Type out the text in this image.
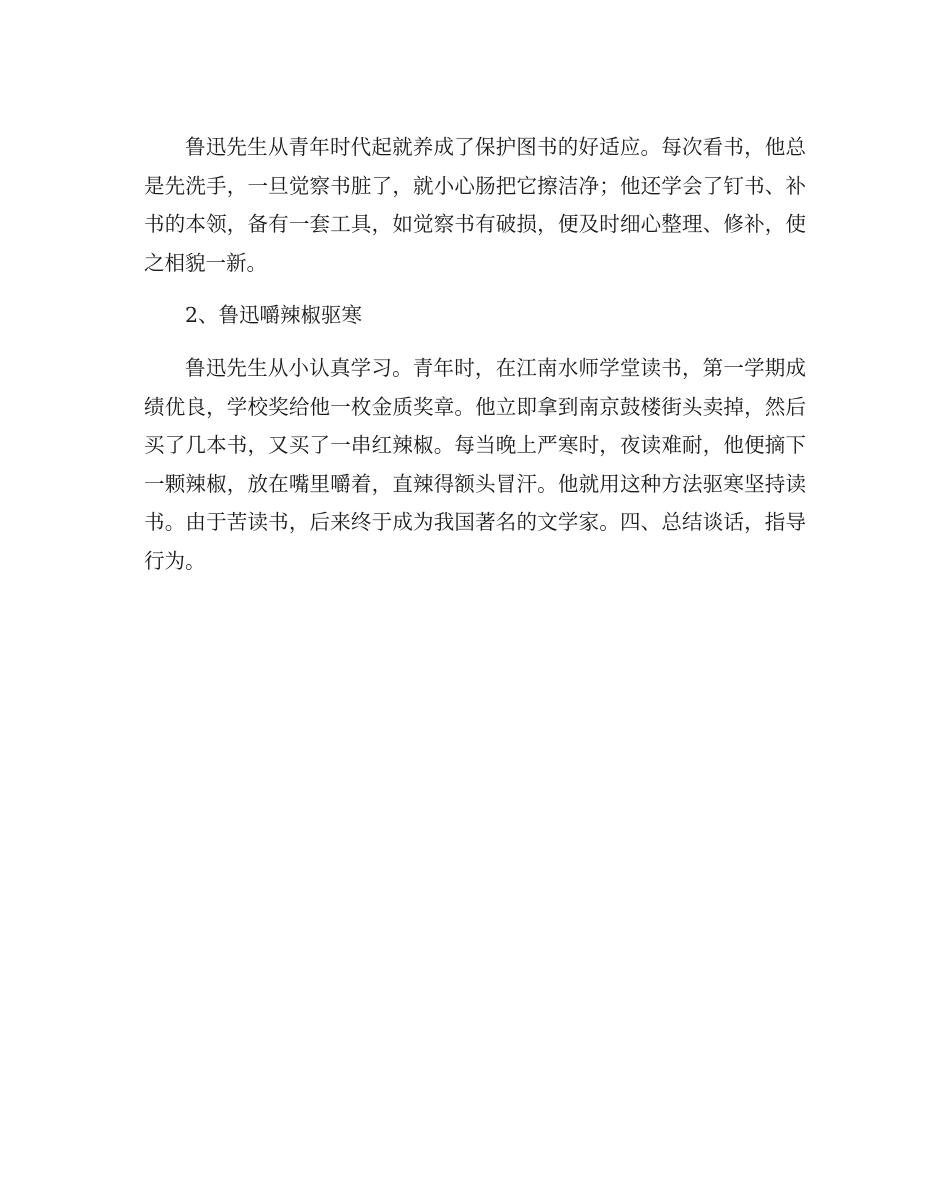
鲁迅先生从青年时代起就养成了保护图书的好适应。每次看书，他总是先洗手，一旦觉察书脏了，就小心肠把它擦洁净；他还学会了钉书、补书的本领，备有一套工具，如觉察书有破损，便及时细心整理、修补，使之相貌一新。

2、鲁迅嚼辣椒驱寒

鲁迅先生从小认真学习。青年时，在江南水师学堂读书，第一学期成绩优良，学校奖给他一枚金质奖章。他立即拿到南京鼓楼街头卖掉，然后买了几本书，又买了一串红辣椒。每当晚上严寒时，夜读难耐，他便摘下一颗辣椒，放在嘴里嚼着，直辣得额头冒汗。他就用这种方法驱寒坚持读书。由于苦读书，后来终于成为我国著名的文学家。四、总结谈话，指导行为。
